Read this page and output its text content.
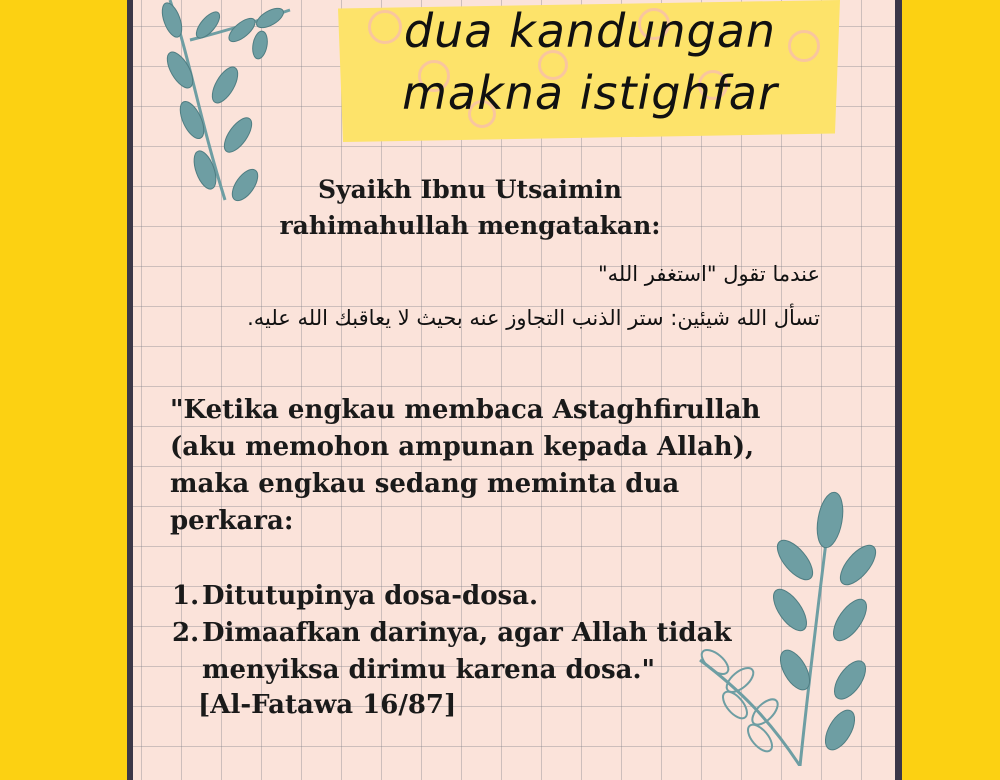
dua kandungan
makna istighfar
Syaikh Ibnu Utsaimin
rahimahullah mengatakan:
عندما تقول "استغفر الله"
تسأل الله شيئين: ستر الذنب التجاوز عنه بحيث لا يعاقبك الله عليه.
"Ketika engkau membaca Astaghfirullah
(aku memohon ampunan kepada Allah),
maka engkau sedang meminta dua
perkara:
1. Ditutupinya dosa-dosa.
2. Dimaafkan darinya, agar Allah tidak menyiksa dirimu karena dosa."
[Al-Fatawa 16/87]
